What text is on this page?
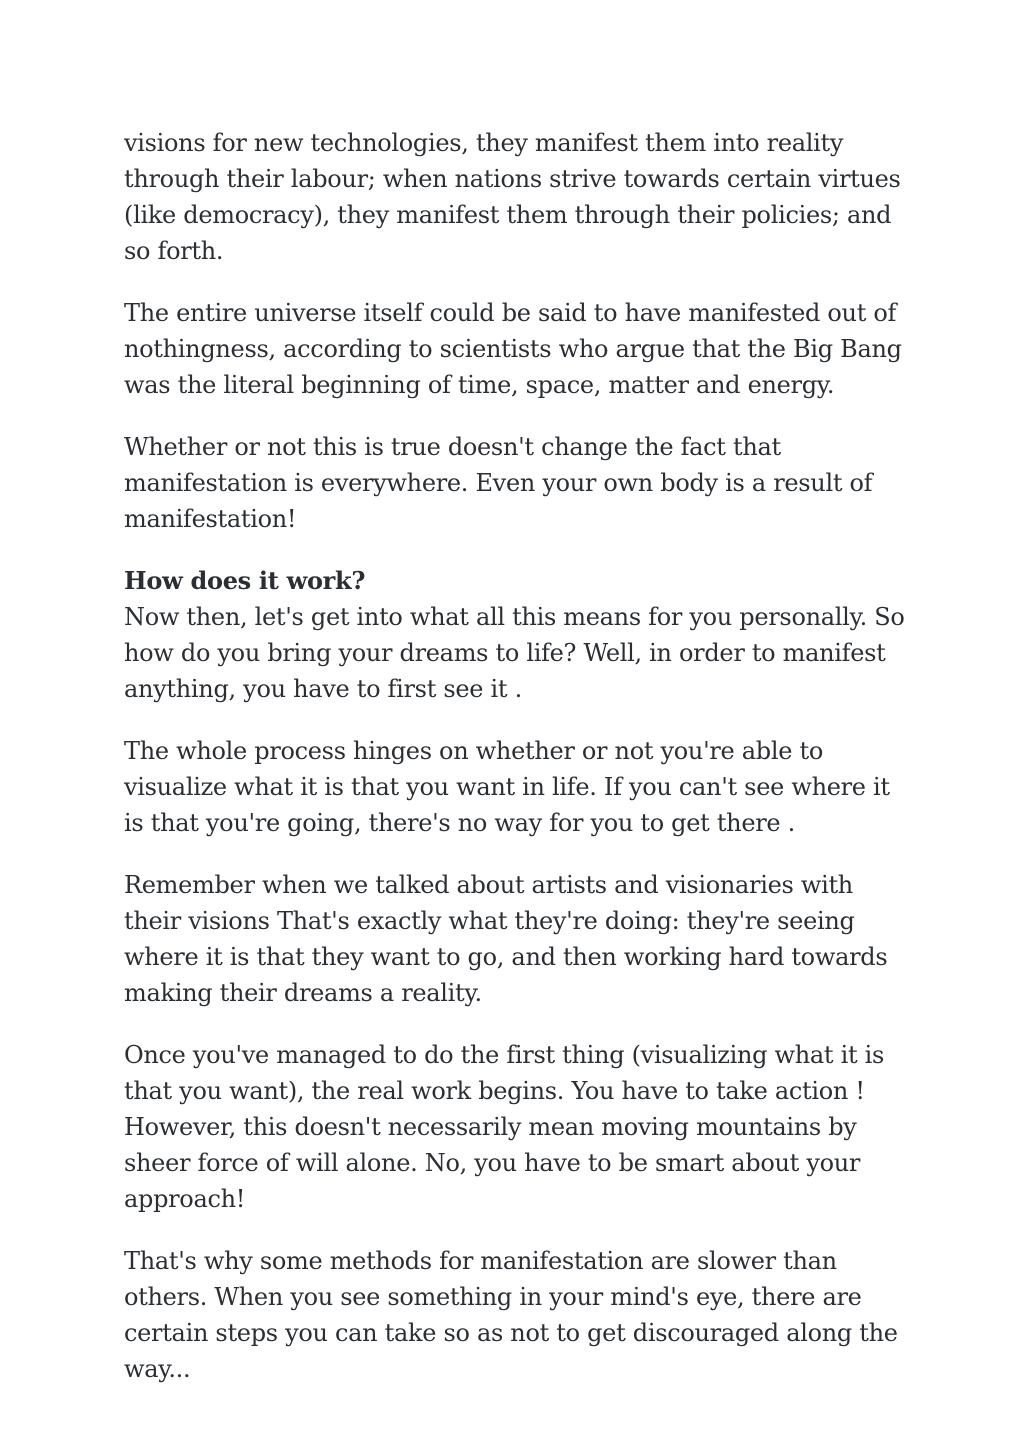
visions for new technologies, they manifest them into reality through their labour; when nations strive towards certain virtues (like democracy), they manifest them through their policies; and so forth.

The entire universe itself could be said to have manifested out of nothingness, according to scientists who argue that the Big Bang was the literal beginning of time, space, matter and energy.

Whether or not this is true doesn't change the fact that manifestation is everywhere. Even your own body is a result of manifestation!

How does it work?

Now then, let's get into what all this means for you personally. So how do you bring your dreams to life? Well, in order to manifest anything, you have to first see it .

The whole process hinges on whether or not you're able to visualize what it is that you want in life. If you can't see where it is that you're going, there's no way for you to get there .

Remember when we talked about artists and visionaries with their visions That's exactly what they're doing: they're seeing where it is that they want to go, and then working hard towards making their dreams a reality.

Once you've managed to do the first thing (visualizing what it is that you want), the real work begins. You have to take action ! However, this doesn't necessarily mean moving mountains by sheer force of will alone. No, you have to be smart about your approach!

That's why some methods for manifestation are slower than others. When you see something in your mind's eye, there are certain steps you can take so as not to get discouraged along the way...
